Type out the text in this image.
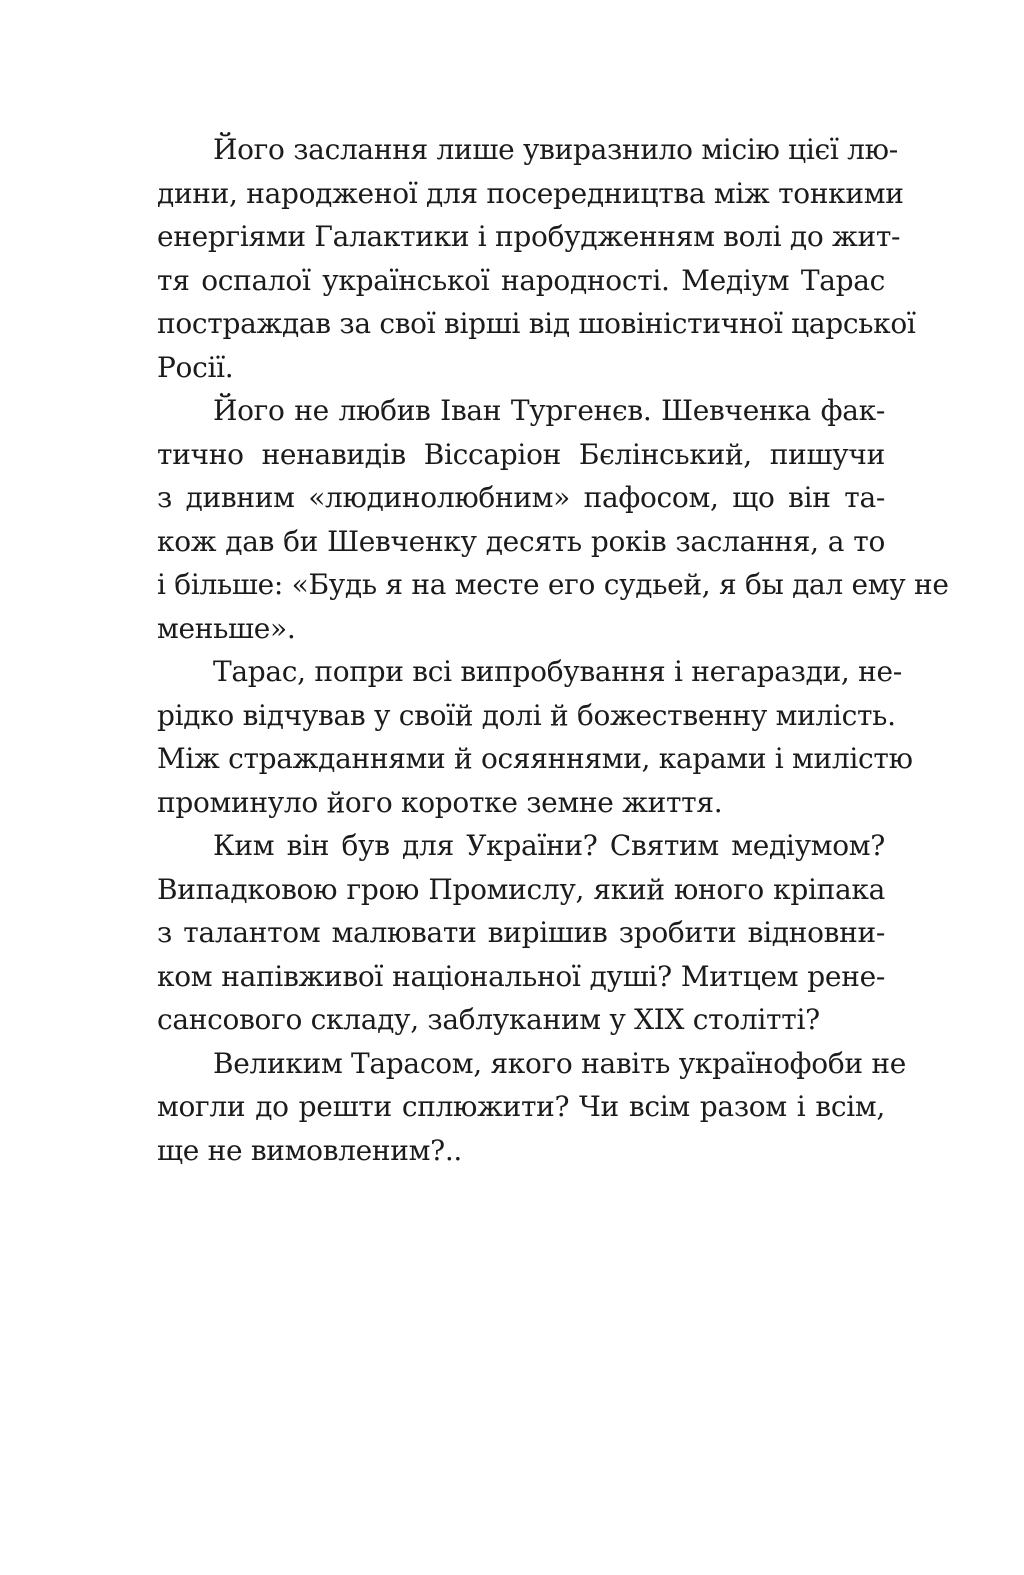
Його заслання лише увиразнило місію цієї лю-
дини, народженої для посередництва між тонкими
енергіями Галактики і пробудженням волі до жит-
тя оспалої української народності. Медіум Тарас
постраждав за свої вірші від шовіністичної царської
Росії.
Його не любив Іван Тургенєв. Шевченка фак-
тично ненавидів Віссаріон Бєлінський, пишучи
з дивним «людинолюбним» пафосом, що він та-
кож дав би Шевченку десять років заслання, а то
і більше: «Будь я на месте его судьей, я бы дал ему не
меньше».
Тарас, попри всі випробування і негаразди, не-
рідко відчував у своїй долі й божественну милість.
Між стражданнями й осяяннями, карами і милістю
проминуло його коротке земне життя.
Ким він був для України? Святим медіумом?
Випадковою грою Промислу, який юного кріпака
з талантом малювати вирішив зробити відновни-
ком напівживої національної душі? Митцем ренe-
сансового складу, заблуканим у XIX столітті?
Великим Тарасом, якого навіть українофоби не
могли до решти сплюжити? Чи всім разом і всім,
ще не вимовленим?..
